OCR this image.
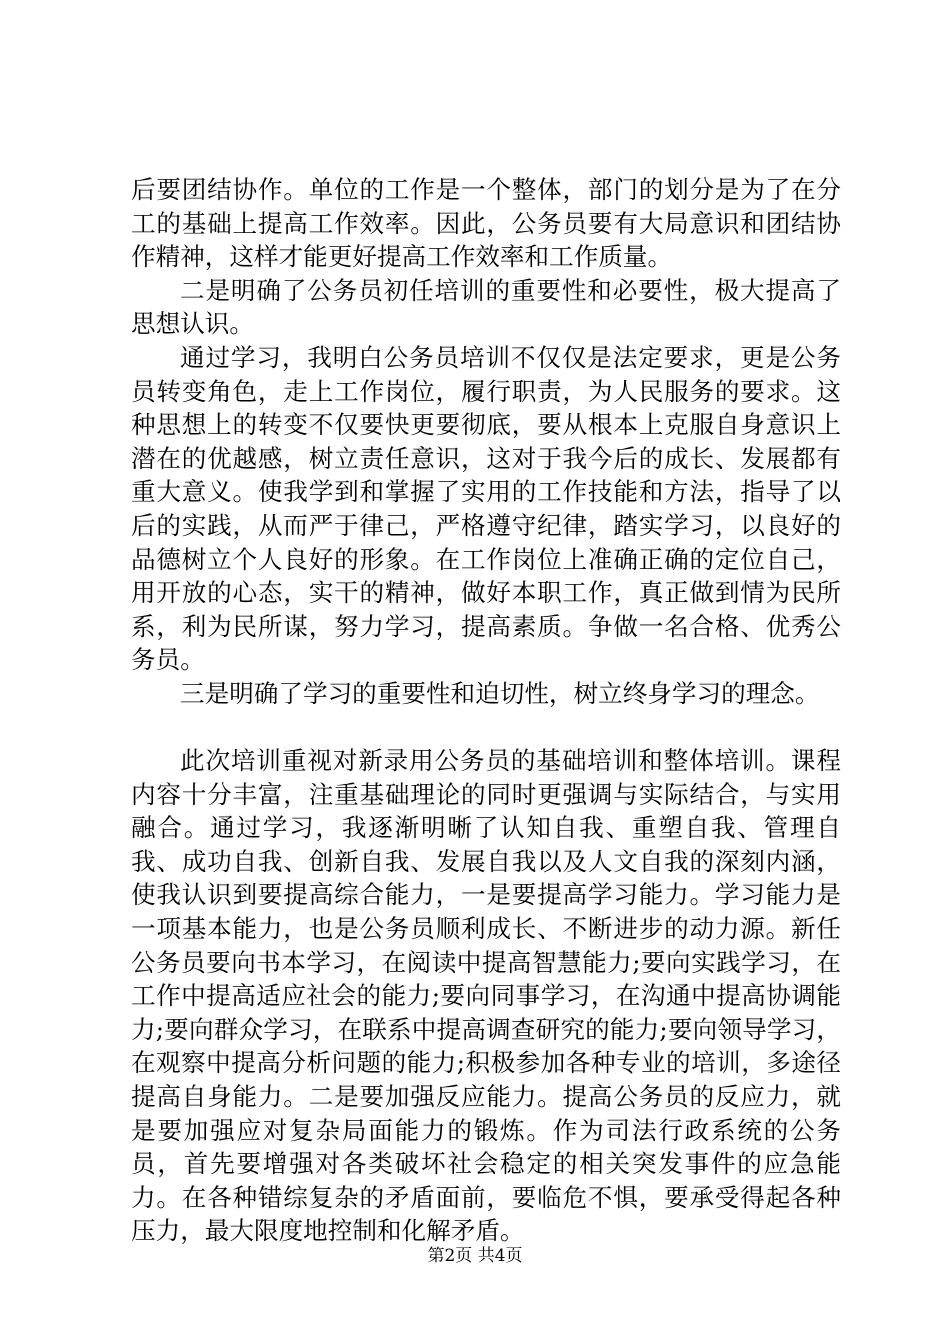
后要团结协作。单位的工作是一个整体，部门的划分是为了在分工的基础上提高工作效率。因此，公务员要有大局意识和团结协作精神，这样才能更好提高工作效率和工作质量。

二是明确了公务员初任培训的重要性和必要性，极大提高了思想认识。

通过学习，我明白公务员培训不仅仅是法定要求，更是公务员转变角色，走上工作岗位，履行职责，为人民服务的要求。这种思想上的转变不仅要快更要彻底，要从根本上克服自身意识上潜在的优越感，树立责任意识，这对于我今后的成长、发展都有重大意义。使我学到和掌握了实用的工作技能和方法，指导了以后的实践，从而严于律己，严格遵守纪律，踏实学习，以良好的品德树立个人良好的形象。在工作岗位上准确正确的定位自己，用开放的心态，实干的精神，做好本职工作，真正做到情为民所系，利为民所谋，努力学习，提高素质。争做一名合格、优秀公务员。

三是明确了学习的重要性和迫切性，树立终身学习的理念。

此次培训重视对新录用公务员的基础培训和整体培训。课程内容十分丰富，注重基础理论的同时更强调与实际结合，与实用融合。通过学习，我逐渐明晰了认知自我、重塑自我、管理自我、成功自我、创新自我、发展自我以及人文自我的深刻内涵，使我认识到要提高综合能力，一是要提高学习能力。学习能力是一项基本能力，也是公务员顺利成长、不断进步的动力源。新任公务员要向书本学习，在阅读中提高智慧能力;要向实践学习，在工作中提高适应社会的能力;要向同事学习，在沟通中提高协调能力;要向群众学习，在联系中提高调查研究的能力;要向领导学习，在观察中提高分析问题的能力;积极参加各种专业的培训，多途径提高自身能力。二是要加强反应能力。提高公务员的反应力，就是要加强应对复杂局面能力的锻炼。作为司法行政系统的公务员，首先要增强对各类破坏社会稳定的相关突发事件的应急能力。在各种错综复杂的矛盾面前，要临危不惧，要承受得起各种压力，最大限度地控制和化解矛盾。

第2页 共4页
